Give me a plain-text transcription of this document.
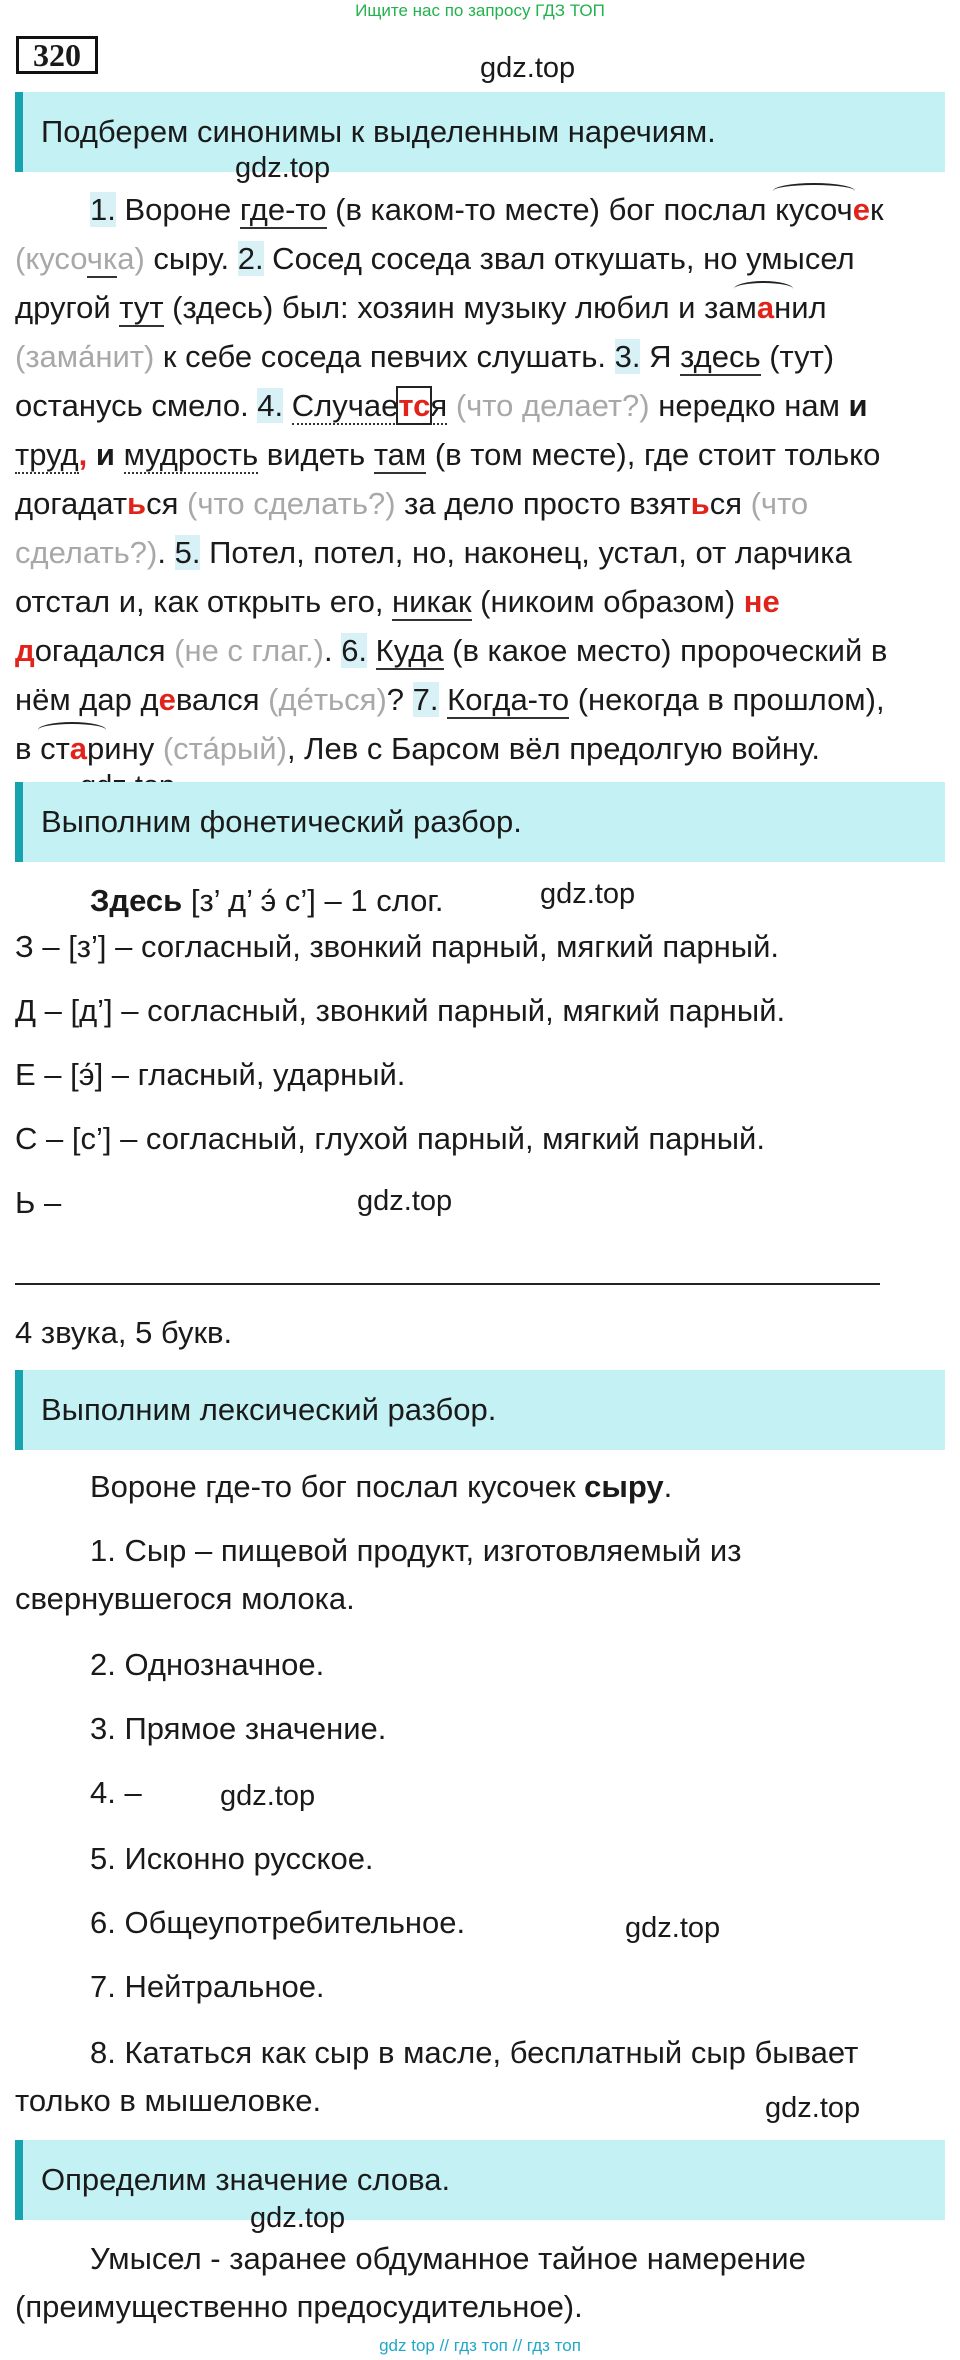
Ищите нас по запросу ГДЗ ТОП
320	gdz.top
Подберем синонимы к выделенным наречиям.
gdz.top
1. Вороне где-то (в каком-то месте) бог послал кусочек
(кусочка) сыру. 2. Сосед соседа звал откушать, но умысел
другой тут (здесь) был: хозяин музыку любил и заманил
(зама́нит) к себе соседа певчих слушать. 3. Я здесь (тут)
останусь смело. 4. Случается (что делает?) нередко нам и
труд, и мудрость видеть там (в том месте), где стоит только
догадаться (что сделать?) за дело просто взяться (что
сделать?). 5. Потел, потел, но, наконец, устал, от ларчика
отстал и, как открыть его, никак (никоим образом) не
догадался (не с глаг.). 6. Куда (в какое место) пророческий в
нём дар девался (де́ться)? 7. Когда-то (некогда в прошлом),
в старину (ста́рый), Лев с Барсом вёл предолгую войну.
Выполним фонетический разбор.
gdz.top
Здесь [з’ д’ э́ с’] – 1 слог.
З – [з’] – согласный, звонкий парный, мягкий парный.
Д – [д’] – согласный, звонкий парный, мягкий парный.
Е – [э́] – гласный, ударный.
С – [с’] – согласный, глухой парный, мягкий парный.
Ь –	gdz.top
4 звука, 5 букв.
Выполним лексический разбор.
Вороне где-то бог послал кусочек сыру.
1. Сыр – пищевой продукт, изготовляемый из
свернувшегося молока.
2. Однозначное.
3. Прямое значение.
4. –	gdz.top
5. Исконно русское.
6. Общеупотребительное.	gdz.top
7. Нейтральное.
8. Кататься как сыр в масле, бесплатный сыр бывает
только в мышеловке.	gdz.top
Определим значение слова.
gdz.top
Умысел - заранее обдуманное тайное намерение
(преимущественно предосудительное).
gdz top // гдз топ // гдз топ
